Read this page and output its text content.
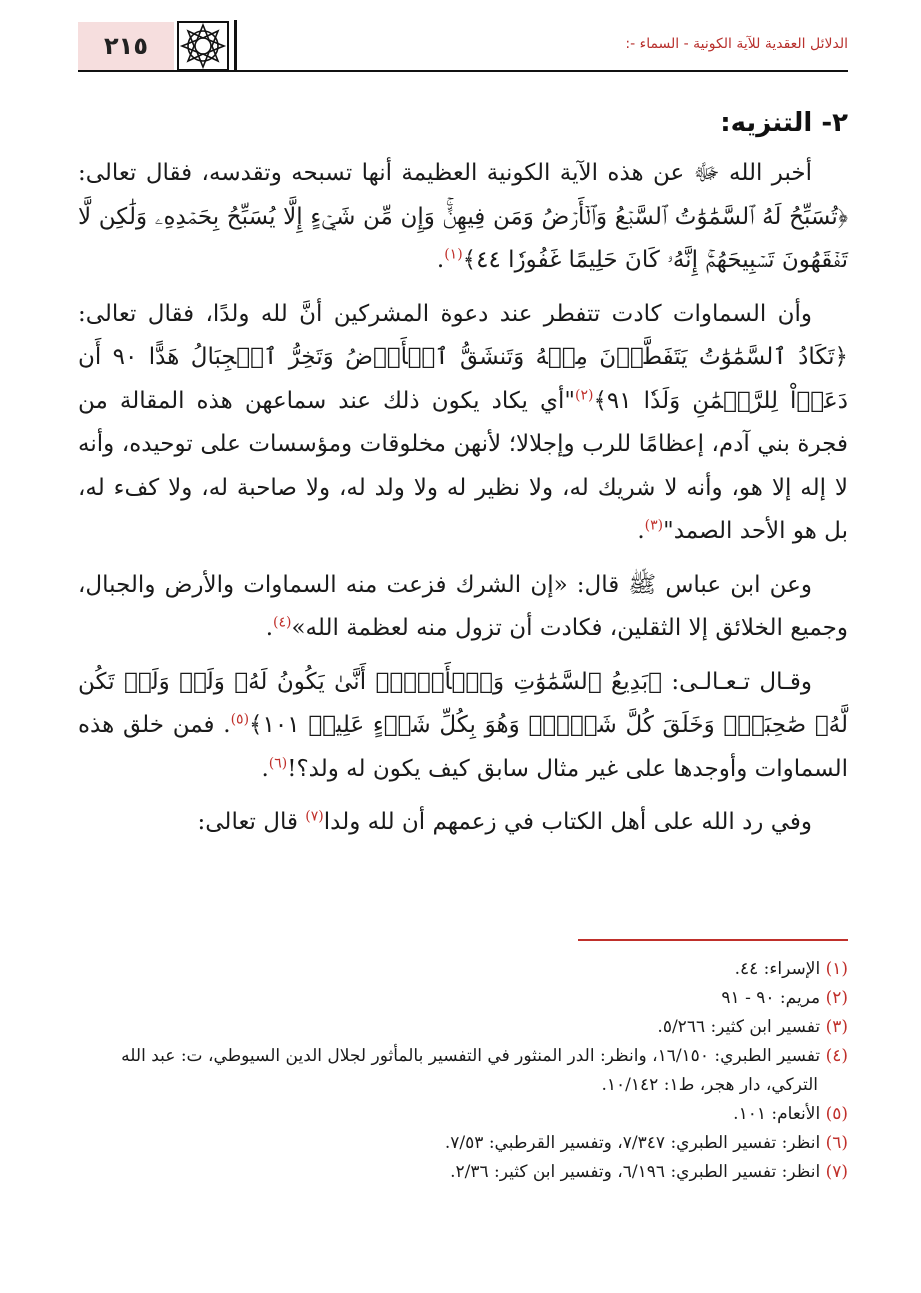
الدلائل العقدية للآية الكونية - السماء -:
٢١٥
٢- التنزيه:

أخبر الله ﷻ عن هذه الآية الكونية العظيمة أنها تسبحه وتقدسه، فقال تعالى: ﴿تُسَبِّحُ لَهُ ٱلسَّمَٰوَٰتُ ٱلسَّبۡعُ وَٱلۡأَرۡضُ وَمَن فِيهِنَّۚ وَإِن مِّن شَيۡءٍ إِلَّا يُسَبِّحُ بِحَمۡدِهِۦ وَلَٰكِن لَّا تَفۡقَهُونَ تَسۡبِيحَهُمۡۚ إِنَّهُۥ كَانَ حَلِيمًا غَفُورٗا ٤٤﴾$^{(١)}$.

وأن السماوات كادت تتفطر عند دعوة المشركين أنَّ لله ولدًا، فقال تعالى: ﴿تَكَادُ ٱلسَّمَٰوَٰتُ يَتَفَطَّرۡنَ مِنۡهُ وَتَنشَقُّ ٱلۡأَرۡضُ وَتَخِرُّ ٱلۡجِبَالُ هَدًّا ٩٠ أَن دَعَوۡاْ لِلرَّحۡمَٰنِ وَلَدٗا ٩١﴾$^{(٢)}$"أي يكاد يكون ذلك عند سماعهن هذه المقالة من فجرة بني آدم، إعظامًا للرب وإجلالا؛ لأنهن مخلوقات ومؤسسات على توحيده، وأنه لا إله إلا هو، وأنه لا شريك له، ولا نظير له ولا ولد له، ولا صاحبة له، ولا كفء له، بل هو الأحد الصمد"$^{(٣)}$.

وعن ابن عباس ﷺ قال: «إن الشرك فزعت منه السماوات والأرض والجبال، وجميع الخلائق إلا الثقلين، فكادت أن تزول منه لعظمة الله»$^{(٤)}$.

وقـال تـعـالـى: ﴿بَدِيعُ ٱلسَّمَٰوَٰتِ وَٱلۡأَرۡضِۖ أَنَّىٰ يَكُونُ لَهُۥ وَلَدٞ وَلَمۡ تَكُن لَّهُۥ صَٰحِبَةٞۖ وَخَلَقَ كُلَّ شَيۡءٖۖ وَهُوَ بِكُلِّ شَيۡءٍ عَلِيمٞ ١٠١﴾$^{(٥)}$. فمن خلق هذه السماوات وأوجدها على غير مثال سابق كيف يكون له ولد؟!$^{(٦)}$.

وفي رد الله على أهل الكتاب في زعمهم أن لله ولدا$^{(٧)}$ قال تعالى:

(١) الإسراء: ٤٤.
(٢) مريم: ٩٠ - ٩١
(٣) تفسير ابن كثير: ٥/٢٦٦.
(٤) تفسير الطبري: ١٦/١٥٠، وانظر: الدر المنثور في التفسير بالمأثور لجلال الدين السيوطي، ت: عبد الله التركي، دار هجر، ط١: ١٠/١٤٢.
(٥) الأنعام: ١٠١.
(٦) انظر: تفسير الطبري: ٧/٣٤٧، وتفسير القرطبي: ٧/٥٣.
(٧) انظر: تفسير الطبري: ٦/١٩٦، وتفسير ابن كثير: ٢/٣٦.
